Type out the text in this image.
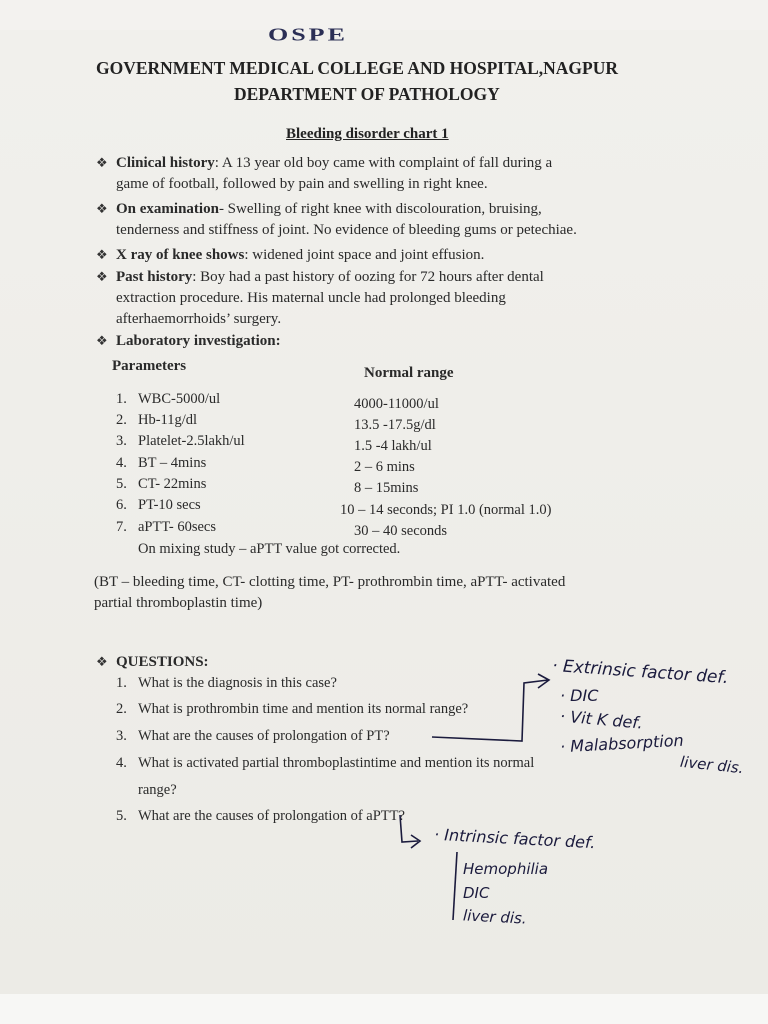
OSPE
GOVERNMENT MEDICAL COLLEGE AND HOSPITAL,NAGPUR
DEPARTMENT OF PATHOLOGY
Bleeding disorder chart 1
❖ Clinical history: A 13 year old boy came with complaint of fall during a
game of football, followed by pain and swelling in right knee.
❖ On examination- Swelling of right knee with discolouration, bruising,
tenderness and stiffness of joint. No evidence of bleeding gums or petechiae.
❖ X ray of knee shows: widened joint space and joint effusion.
❖ Past history: Boy had a past history of oozing for 72 hours after dental
extraction procedure. His maternal uncle had prolonged bleeding
afterhaemorrhoids’ surgery.
❖ Laboratory investigation:
Parameters	Normal range
1. WBC-5000/ul	4000-11000/ul
2. Hb-11g/dl	13.5 -17.5g/dl
3. Platelet-2.5lakh/ul	1.5 -4 lakh/ul
4. BT – 4mins	2 – 6 mins
5. CT- 22mins	8 – 15mins
6. PT-10 secs	10 – 14 seconds; PI 1.0 (normal 1.0)
7. aPTT- 60secs	30 – 40 seconds
On mixing study – aPTT value got corrected.
(BT – bleeding time, CT- clotting time, PT- prothrombin time, aPTT- activated
partial thromboplastin time)
❖ QUESTIONS:
1. What is the diagnosis in this case?
2. What is prothrombin time and mention its normal range?
3. What are the causes of prolongation of PT?
4. What is activated partial thromboplastintime and mention its normal
range?
5. What are the causes of prolongation of aPTT?
· Extrinsic factor def.
· DIC
· Vit K def.
· Malabsorption
liver dis.
· Intrinsic factor def.
Hemophilia
DIC
liver dis.
